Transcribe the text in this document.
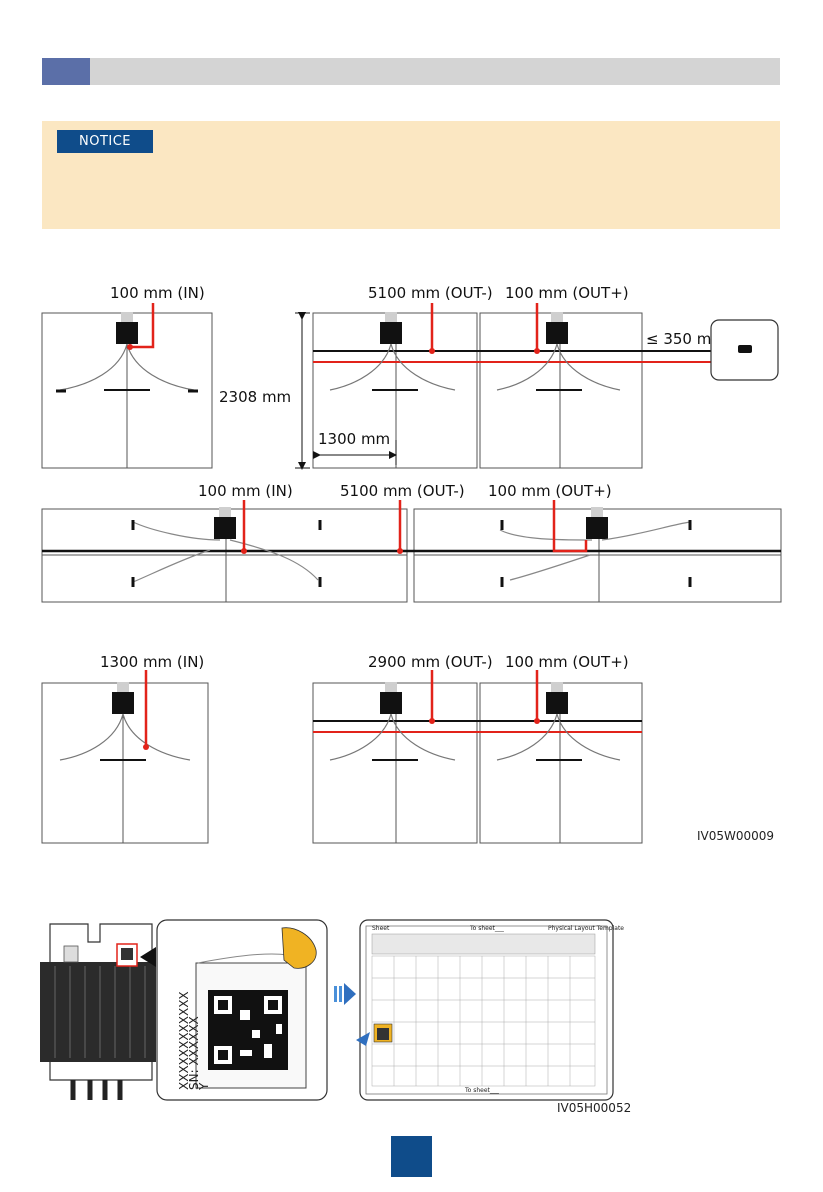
NOTICE
100 mm (IN)	5100 mm (OUT-) 100 mm (OUT+)
≤ 350 m
2308 mm
1300 mm
100 mm (IN)	5100 mm (OUT-) 100 mm (OUT+)
1300 mm (IN)	2900 mm (OUT-) 100 mm (OUT+)
IV05W00009
SN: XXXXXX
XXXXXXXXXXXX Y
Sheet	To sheet___	Physical Layout Template
To sheet___
IV05H00052
